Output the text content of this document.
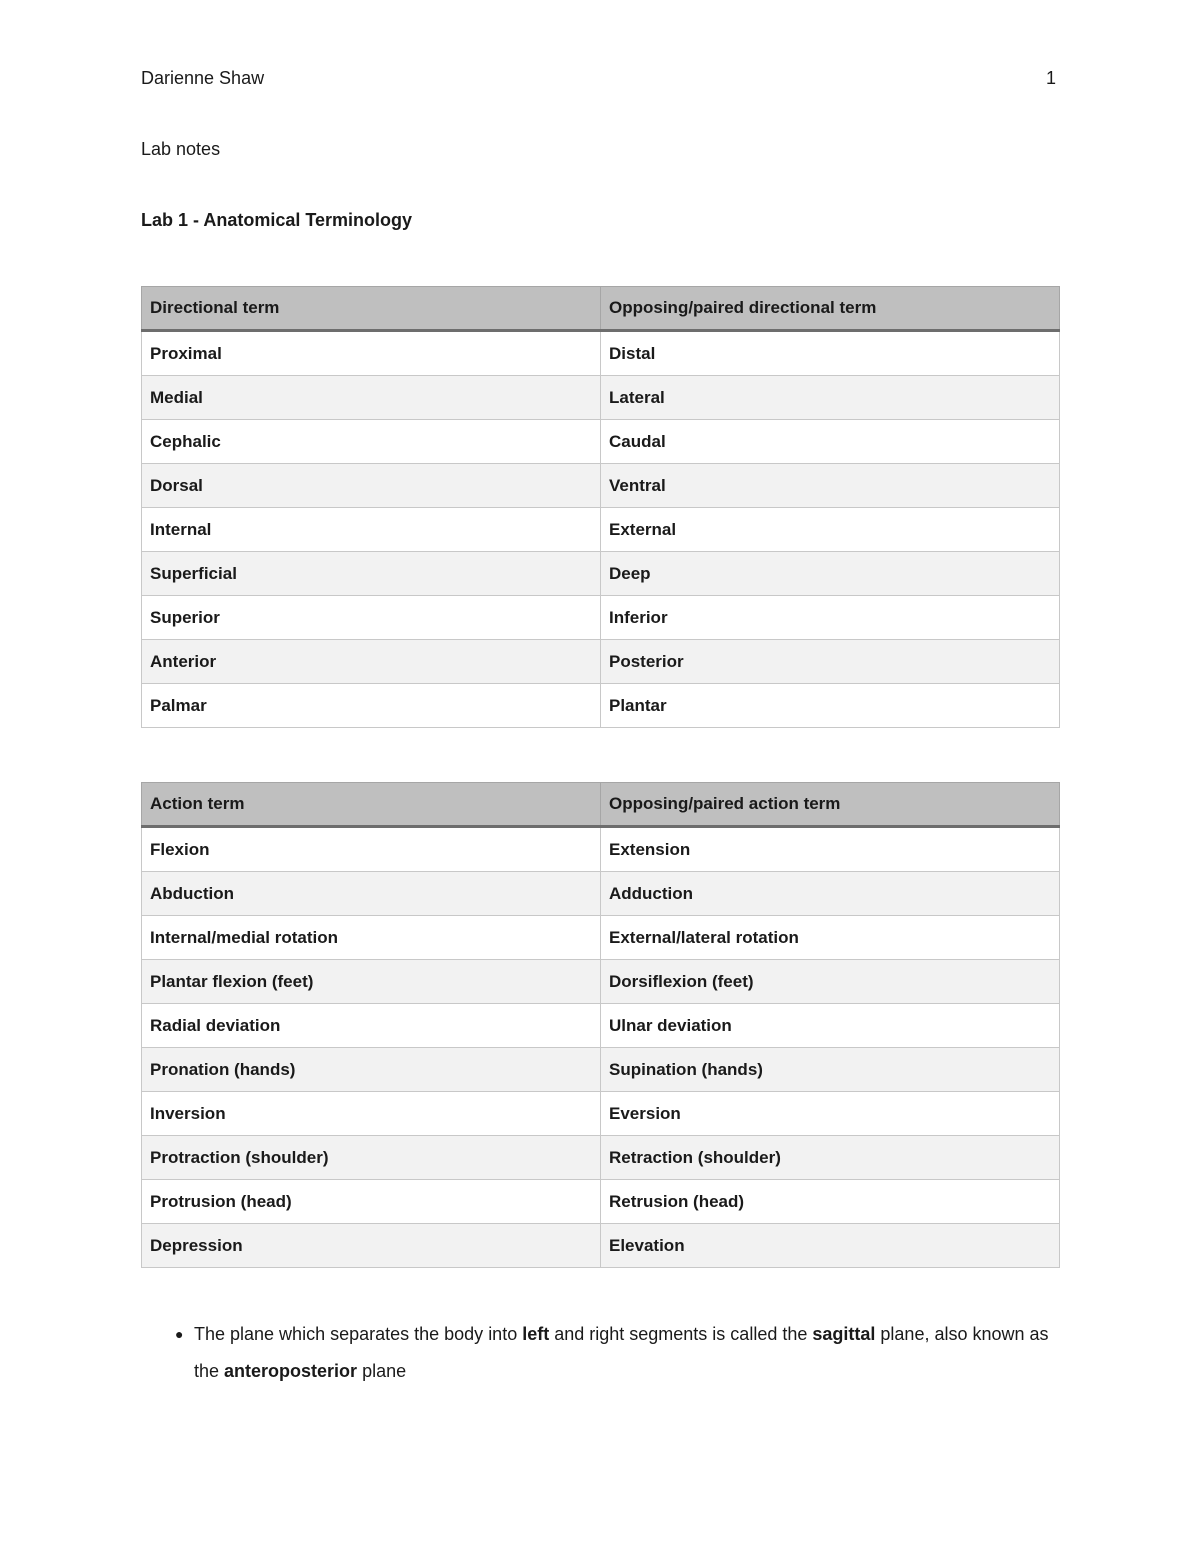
Darienne Shaw	1
Lab notes
Lab 1 - Anatomical Terminology
Directional term	Opposing/paired directional term
Proximal	Distal
Medial	Lateral
Cephalic	Caudal
Dorsal	Ventral
Internal	External
Superficial	Deep
Superior	Inferior
Anterior	Posterior
Palmar	Plantar
Action term	Opposing/paired action term
Flexion	Extension
Abduction	Adduction
Internal/medial rotation	External/lateral rotation
Plantar flexion (feet)	Dorsiflexion (feet)
Radial deviation	Ulnar deviation
Pronation (hands)	Supination (hands)
Inversion	Eversion
Protraction (shoulder)	Retraction (shoulder)
Protrusion (head)	Retrusion (head)
Depression	Elevation
● The plane which separates the body into left and right segments is called the sagittal plane, also known as the anteroposterior plane
